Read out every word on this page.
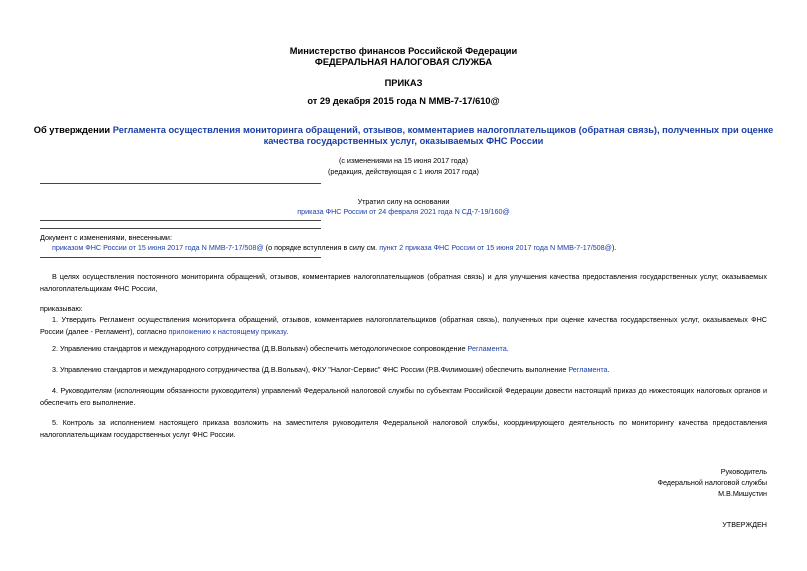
Министерство финансов Российской Федерации
ФЕДЕРАЛЬНАЯ НАЛОГОВАЯ СЛУЖБА
ПРИКАЗ
от 29 декабря 2015 года N ММВ-7-17/610@
Об утверждении Регламента осуществления мониторинга обращений, отзывов, комментариев налогоплательщиков (обратная связь), полученных при оценке
качества государственных услуг, оказываемых ФНС России
(с изменениями на 15 июня 2017 года)
(редакция, действующая с 1 июля 2017 года)
Утратил силу на основании
приказа ФНС России от 24 февраля 2021 года N СД-7-19/160@
Документ с изменениями, внесенными:
приказом ФНС России от 15 июня 2017 года N ММВ-7-17/508@ (о порядке вступления в силу см. пункт 2 приказа ФНС России от 15 июня 2017 года N ММВ-7-17/508@).
В целях осуществления постоянного мониторинга обращений, отзывов, комментариев налогоплательщиков (обратная связь) и для улучшения качества предоставления государственных услуг, оказываемых налогоплательщикам ФНС России,
приказываю:
1. Утвердить Регламент осуществления мониторинга обращений, отзывов, комментариев налогоплательщиков (обратная связь), полученных при оценке качества государственных услуг, оказываемых ФНС России (далее - Регламент), согласно приложению к настоящему приказу.
2. Управлению стандартов и международного сотрудничества (Д.В.Вольвач) обеспечить методологическое сопровождение Регламента.
3. Управлению стандартов и международного сотрудничества (Д.В.Вольвач), ФКУ "Налог-Сервис" ФНС России (Р.В.Филимошин) обеспечить выполнение Регламента.
4. Руководителям (исполняющим обязанности руководителя) управлений Федеральной налоговой службы по субъектам Российской Федерации довести настоящий приказ до нижестоящих налоговых органов и обеспечить его выполнение.
5. Контроль за исполнением настоящего приказа возложить на заместителя руководителя Федеральной налоговой службы, координирующего деятельность по мониторингу качества предоставления налогоплательщикам государственных услуг ФНС России.
Руководитель
Федеральной налоговой службы
М.В.Мишустин
УТВЕРЖДЕН
